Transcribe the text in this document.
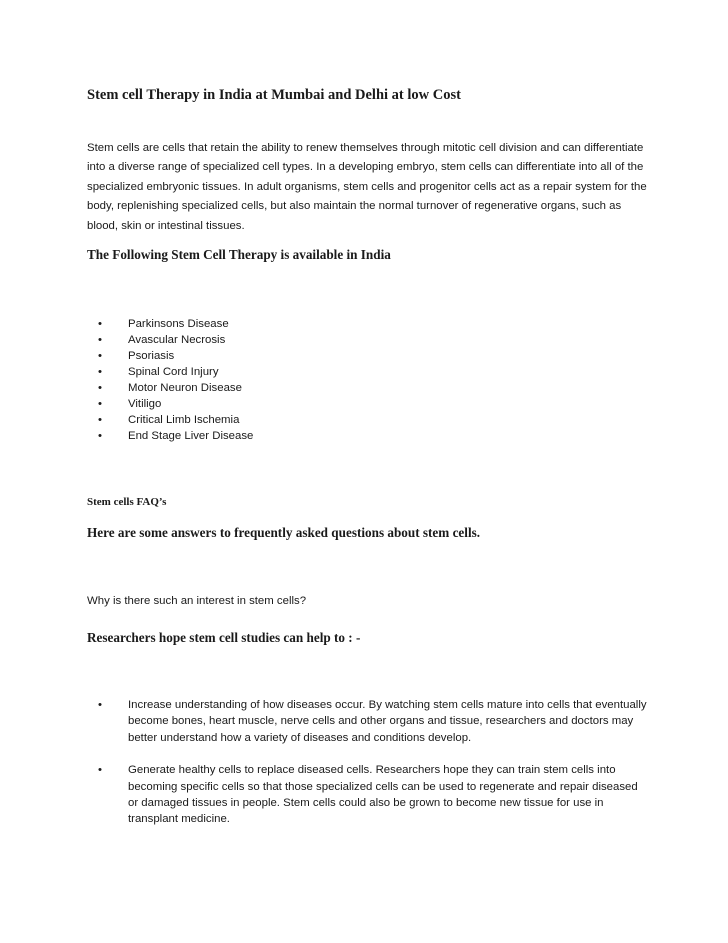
Stem cell Therapy in India at Mumbai and Delhi at low Cost

Stem cells are cells that retain the ability to renew themselves through mitotic cell division and can differentiate into a diverse range of specialized cell types. In a developing embryo, stem cells can differentiate into all of the specialized embryonic tissues. In adult organisms, stem cells and progenitor cells act as a repair system for the body, replenishing specialized cells, but also maintain the normal turnover of regenerative organs, such as blood, skin or intestinal tissues.

The Following Stem Cell Therapy is available in India
•	Parkinsons Disease
•	Avascular Necrosis
•	Psoriasis
•	Spinal Cord Injury
•	Motor Neuron Disease
•	Vitiligo
•	Critical Limb Ischemia
•	End Stage Liver Disease
Stem cells FAQ’s
Here are some answers to frequently asked questions about stem cells.

Why is there such an interest in stem cells?

Researchers hope stem cell studies can help to : -
•	Increase understanding of how diseases occur. By watching stem cells mature into cells that eventually become bones, heart muscle, nerve cells and other organs and tissue, researchers and doctors may better understand how a variety of diseases and conditions develop.
•	Generate healthy cells to replace diseased cells. Researchers hope they can train stem cells into becoming specific cells so that those specialized cells can be used to regenerate and repair diseased or damaged tissues in people. Stem cells could also be grown to become new tissue for use in transplant medicine.
